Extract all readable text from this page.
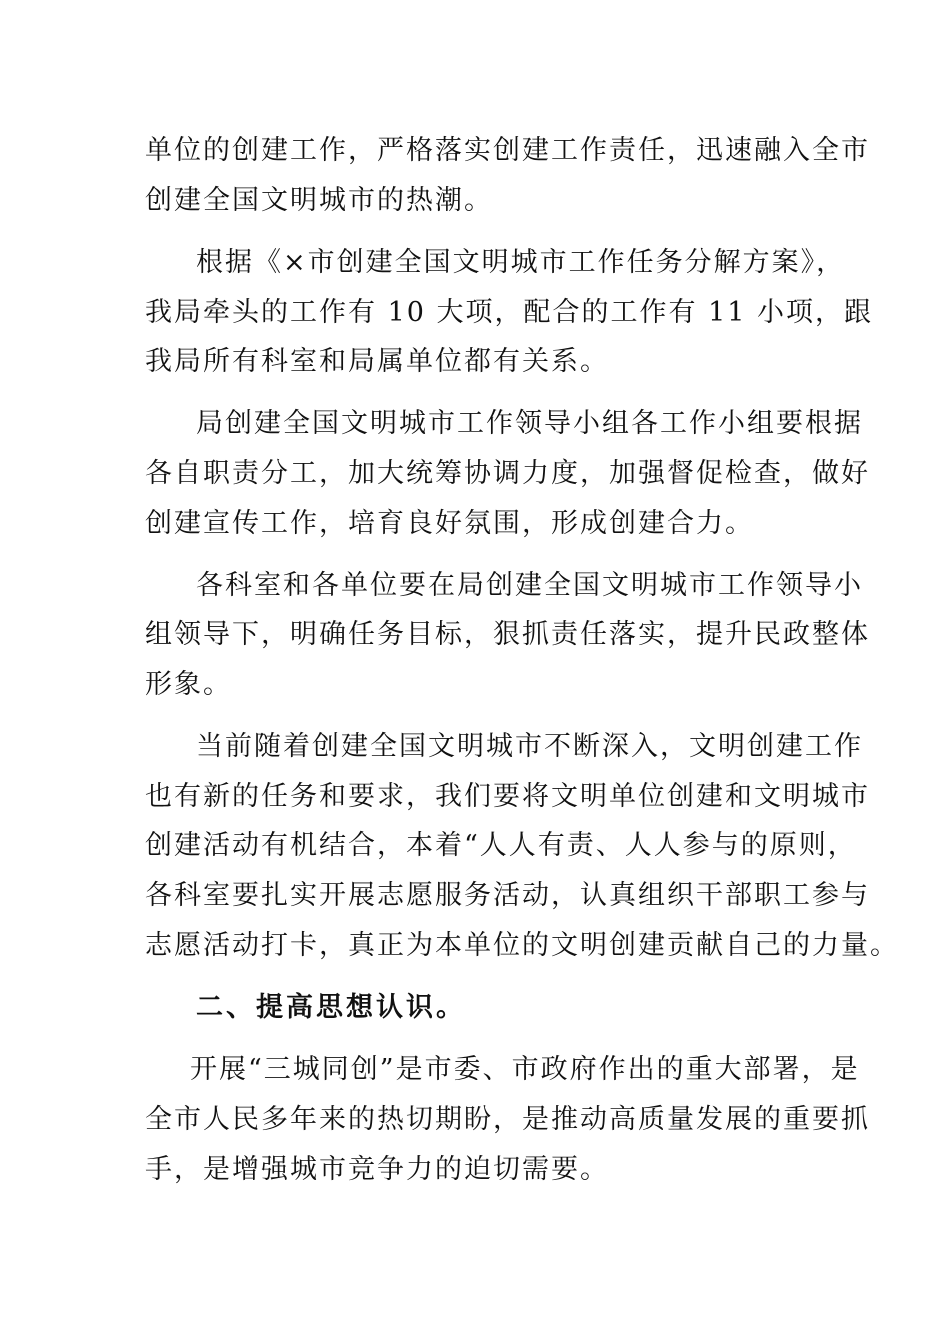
单位的创建工作，严格落实创建工作责任，迅速融入全市
创建全国文明城市的热潮。
根据《×市创建全国文明城市工作任务分解方案》，
我局牵头的工作有 10 大项，配合的工作有 11 小项，跟
我局所有科室和局属单位都有关系。
局创建全国文明城市工作领导小组各工作小组要根据
各自职责分工，加大统筹协调力度，加强督促检查，做好
创建宣传工作，培育良好氛围，形成创建合力。
各科室和各单位要在局创建全国文明城市工作领导小
组领导下，明确任务目标，狠抓责任落实，提升民政整体
形象。
当前随着创建全国文明城市不断深入，文明创建工作
也有新的任务和要求，我们要将文明单位创建和文明城市
创建活动有机结合，本着“人人有责、人人参与的原则，
各科室要扎实开展志愿服务活动，认真组织干部职工参与
志愿活动打卡，真正为本单位的文明创建贡献自己的力量。
二、提高思想认识。
开展“三城同创”是市委、市政府作出的重大部署，是
全市人民多年来的热切期盼，是推动高质量发展的重要抓
手，是增强城市竞争力的迫切需要。
